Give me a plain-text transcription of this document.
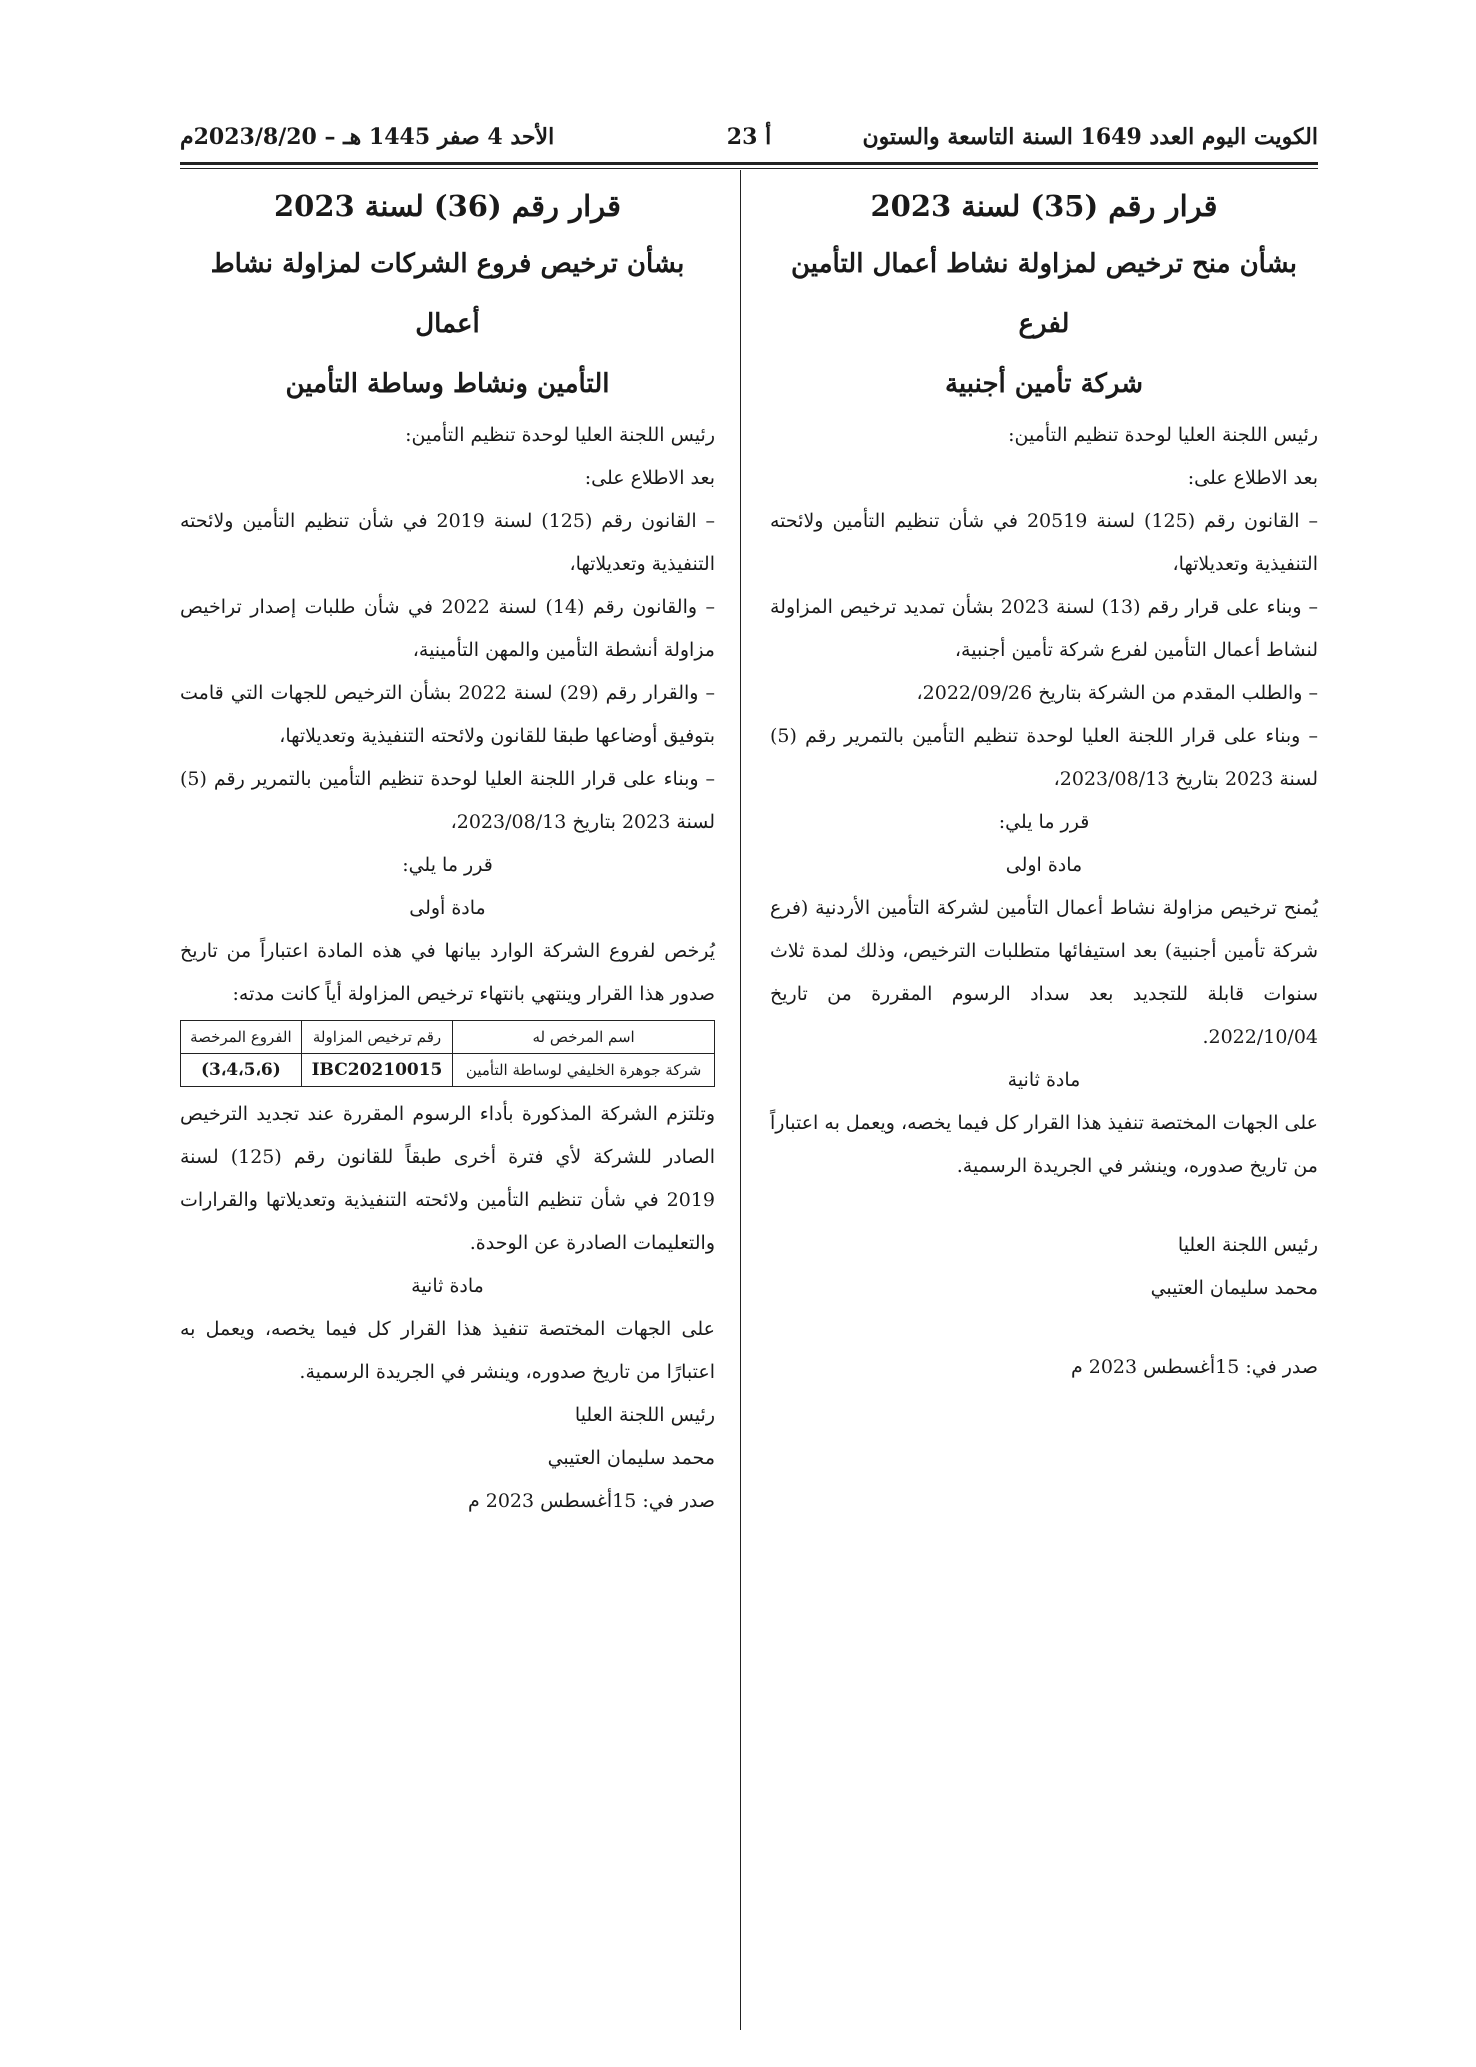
الكويت اليوم العدد 1649 السنة التاسعة والستون
أ 23
الأحد 4 صفر 1445 هـ – 2023/8/20م
قرار رقم (35) لسنة 2023
بشأن منح ترخيص لمزاولة نشاط أعمال التأمين لفرع
شركة تأمين أجنبية

رئيس اللجنة العليا لوحدة تنظيم التأمين:

بعد الاطلاع على:

– القانون رقم (125) لسنة 20519 في شأن تنظيم التأمين ولائحته التنفيذية وتعديلاتها،

– وبناء على قرار رقم (13) لسنة 2023 بشأن تمديد ترخيص المزاولة لنشاط أعمال التأمين لفرع شركة تأمين أجنبية،

– والطلب المقدم من الشركة بتاريخ 2022/09/26،

– وبناء على قرار اللجنة العليا لوحدة تنظيم التأمين بالتمرير رقم (5) لسنة 2023 بتاريخ 2023/08/13،

قرر ما يلي:

مادة اولى

يُمنح ترخيص مزاولة نشاط أعمال التأمين لشركة التأمين الأردنية (فرع شركة تأمين أجنبية) بعد استيفائها متطلبات الترخيص، وذلك لمدة ثلاث سنوات قابلة للتجديد بعد سداد الرسوم المقررة من تاريخ 2022/10/04.

مادة ثانية

على الجهات المختصة تنفيذ هذا القرار كل فيما يخصه، ويعمل به اعتباراً من تاريخ صدوره، وينشر في الجريدة الرسمية.

رئيس اللجنة العليا

محمد سليمان العتيبي

صدر في: 15أغسطس 2023 م

قرار رقم (36) لسنة 2023
بشأن ترخيص فروع الشركات لمزاولة نشاط أعمال
التأمين ونشاط وساطة التأمين

رئيس اللجنة العليا لوحدة تنظيم التأمين:

بعد الاطلاع على:

– القانون رقم (125) لسنة 2019 في شأن تنظيم التأمين ولائحته التنفيذية وتعديلاتها،

– والقانون رقم (14) لسنة 2022 في شأن طلبات إصدار تراخيص مزاولة أنشطة التأمين والمهن التأمينية،

– والقرار رقم (29) لسنة 2022 بشأن الترخيص للجهات التي قامت بتوفيق أوضاعها طبقا للقانون ولائحته التنفيذية وتعديلاتها،

– وبناء على قرار اللجنة العليا لوحدة تنظيم التأمين بالتمرير رقم (5) لسنة 2023 بتاريخ 2023/08/13،

قرر ما يلي:

مادة أولى

يُرخص لفروع الشركة الوارد بيانها في هذه المادة اعتباراً من تاريخ صدور هذا القرار وينتهي بانتهاء ترخيص المزاولة أياً كانت مدته:

اسم المرخص له	رقم ترخيص المزاولة	الفروع المرخصة
شركة جوهرة الخليفي لوساطة التأمين	IBC20210015	(3،4،5،6)

وتلتزم الشركة المذكورة بأداء الرسوم المقررة عند تجديد الترخيص الصادر للشركة لأي فترة أخرى طبقاً للقانون رقم (125) لسنة 2019 في شأن تنظيم التأمين ولائحته التنفيذية وتعديلاتها والقرارات والتعليمات الصادرة عن الوحدة.

مادة ثانية

على الجهات المختصة تنفيذ هذا القرار كل فيما يخصه، ويعمل به اعتبارًا من تاريخ صدوره، وينشر في الجريدة الرسمية.

رئيس اللجنة العليا

محمد سليمان العتيبي

صدر في: 15أغسطس 2023 م
